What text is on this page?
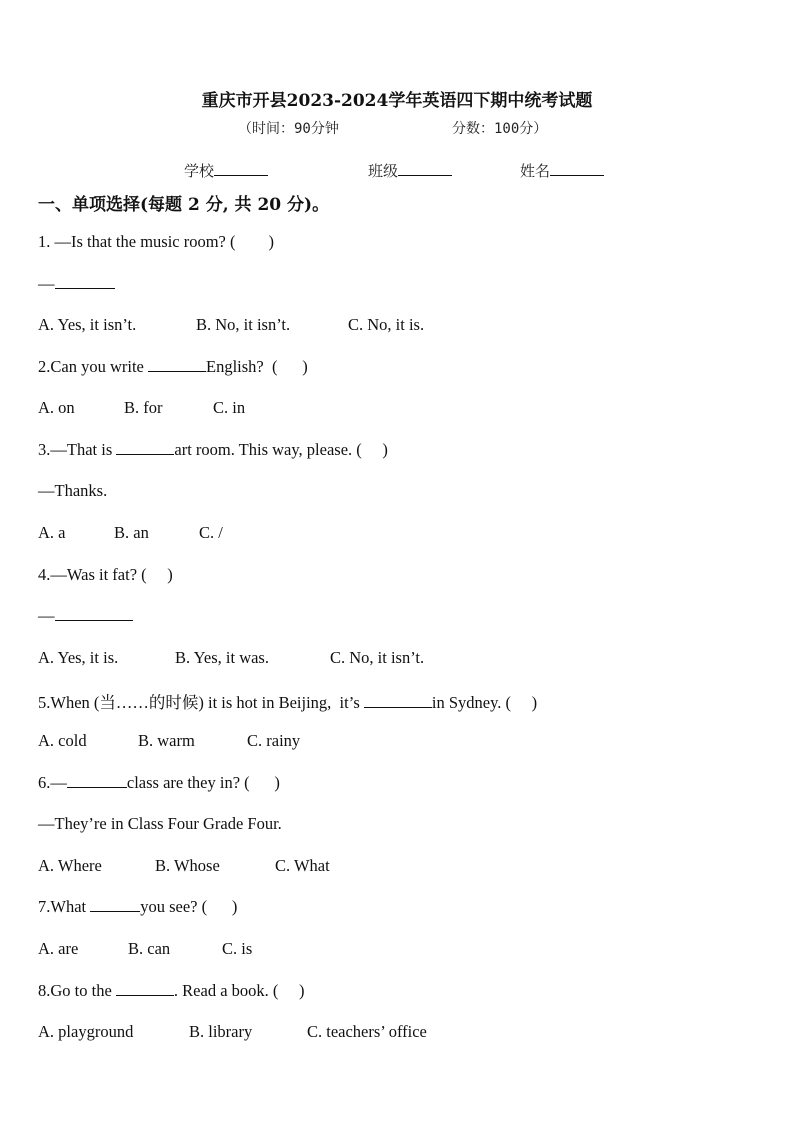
重庆市开县2023-2024学年英语四下期中统考试题
（时间：90分钟	分数：100分）
学校	班级	姓名
一、单项选择(每题 2 分, 共 20 分)。
1. —Is that the music room? (        )
—
A. Yes, it isn’t.	B. No, it isn’t.	C. No, it is.
2.Can you write	English?  (      )
A. on	B. for	C. in
3.—That is	art room. This way, please. (     )
—Thanks.
A. a	B. an	C. /
4.—Was it fat? (     )
—
A. Yes, it is.	B. Yes, it was.	C. No, it isn’t.
5.When (当……的时候) it is hot in Beijing,  it’s	in Sydney. (     )
A. cold	B. warm	C. rainy
6.—	class are they in? (      )
—They’re in Class Four Grade Four.
A. Where	B. Whose	C. What
7.What	you see? (      )
A. are	B. can	C. is
8.Go to the	. Read a book. (     )
A. playground	B. library	C. teachers’ office
